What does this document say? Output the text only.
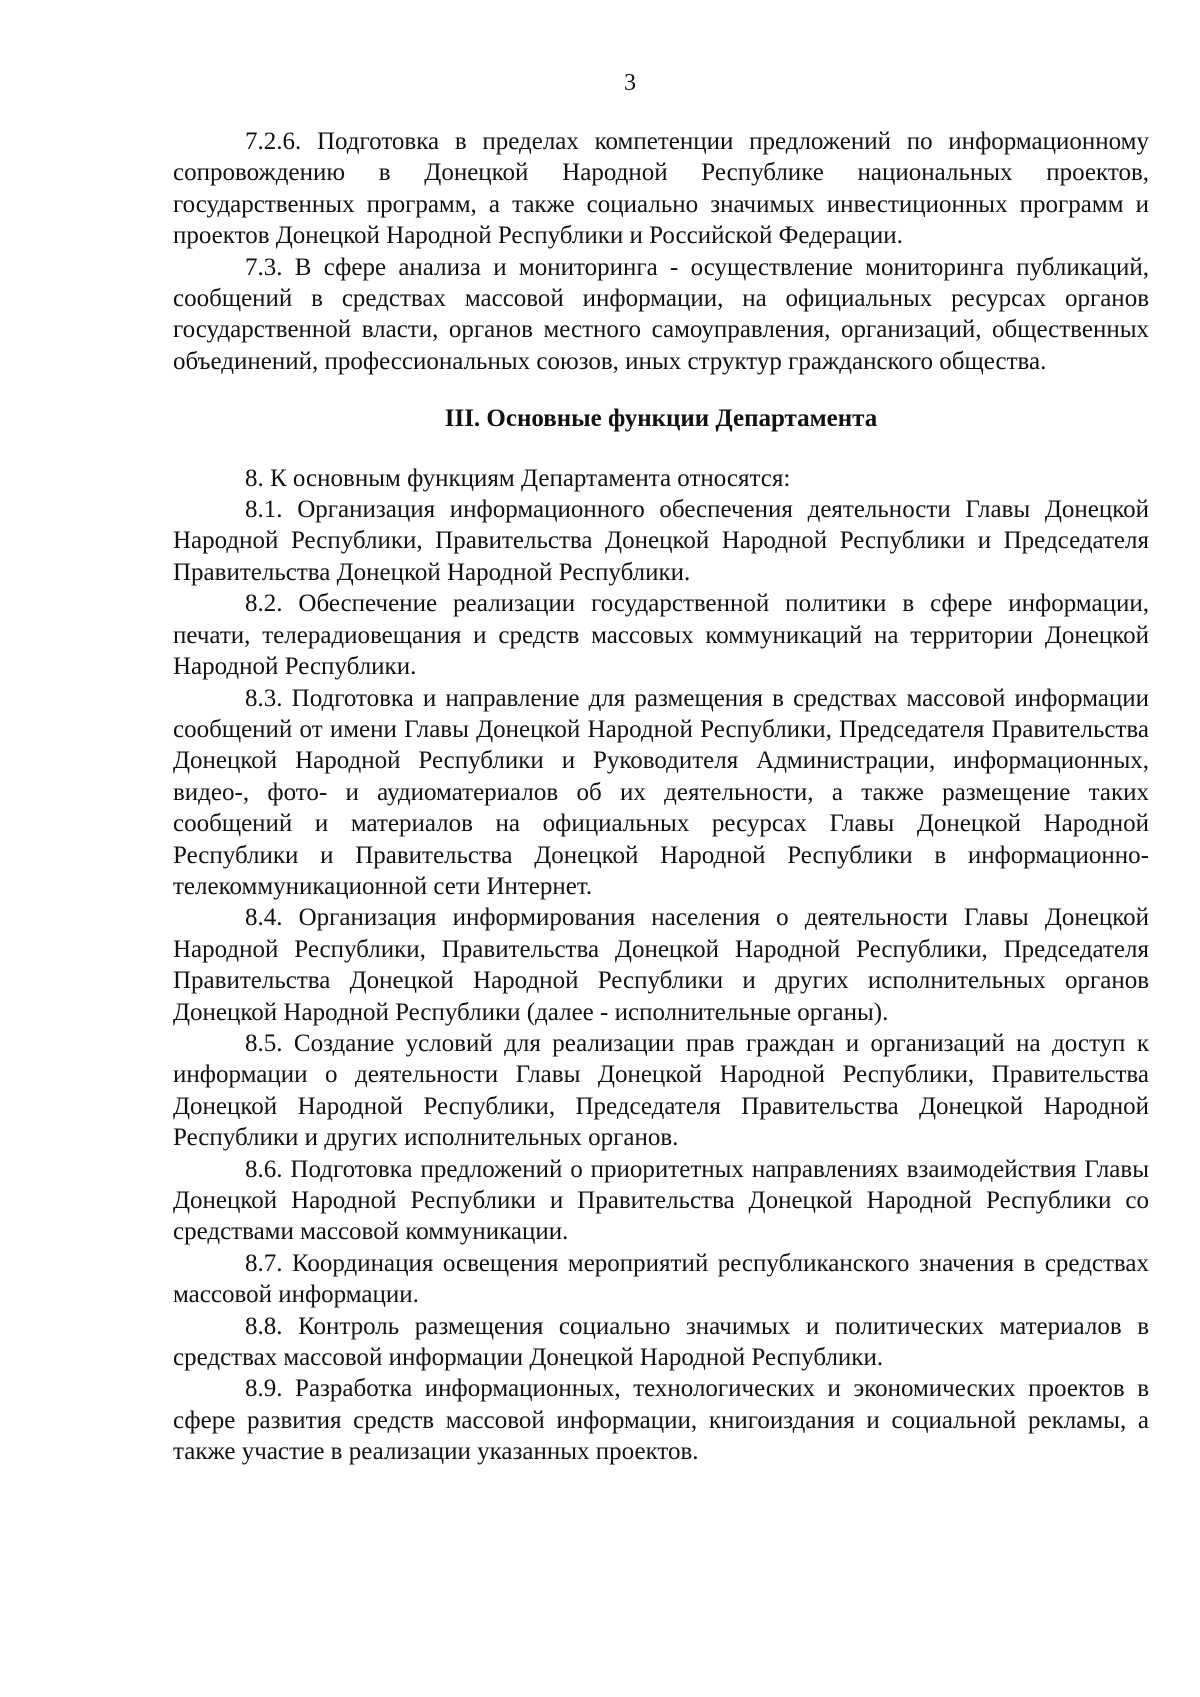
3

7.2.6. Подготовка в пределах компетенции предложений по информационному сопровождению в Донецкой Народной Республике национальных проектов, государственных программ, а также социально значимых инвестиционных программ и проектов Донецкой Народной Республики и Российской Федерации.

7.3. В сфере анализа и мониторинга - осуществление мониторинга публикаций, сообщений в средствах массовой информации, на официальных ресурсах органов государственной власти, органов местного самоуправления, организаций, общественных объединений, профессиональных союзов, иных структур гражданского общества.

III. Основные функции Департамента

8. К основным функциям Департамента относятся:

8.1. Организация информационного обеспечения деятельности Главы Донецкой Народной Республики, Правительства Донецкой Народной Республики и Председателя Правительства Донецкой Народной Республики.

8.2. Обеспечение реализации государственной политики в сфере информации, печати, телерадиовещания и средств массовых коммуникаций на территории Донецкой Народной Республики.

8.3. Подготовка и направление для размещения в средствах массовой информации сообщений от имени Главы Донецкой Народной Республики, Председателя Правительства Донецкой Народной Республики и Руководителя Администрации, информационных, видео-, фото- и аудиоматериалов об их деятельности, а также размещение таких сообщений и материалов на официальных ресурсах Главы Донецкой Народной Республики и Правительства Донецкой Народной Республики в информационно-телекоммуникационной сети Интернет.

8.4. Организация информирования населения о деятельности Главы Донецкой Народной Республики, Правительства Донецкой Народной Республики, Председателя Правительства Донецкой Народной Республики и других исполнительных органов Донецкой Народной Республики (далее - исполнительные органы).

8.5. Создание условий для реализации прав граждан и организаций на доступ к информации о деятельности Главы Донецкой Народной Республики, Правительства Донецкой Народной Республики, Председателя Правительства Донецкой Народной Республики и других исполнительных органов.

8.6. Подготовка предложений о приоритетных направлениях взаимодействия Главы Донецкой Народной Республики и Правительства Донецкой Народной Республики со средствами массовой коммуникации.

8.7. Координация освещения мероприятий республиканского значения в средствах массовой информации.

8.8. Контроль размещения социально значимых и политических материалов в средствах массовой информации Донецкой Народной Республики.

8.9. Разработка информационных, технологических и экономических проектов в сфере развития средств массовой информации, книгоиздания и социальной рекламы, а также участие в реализации указанных проектов.
